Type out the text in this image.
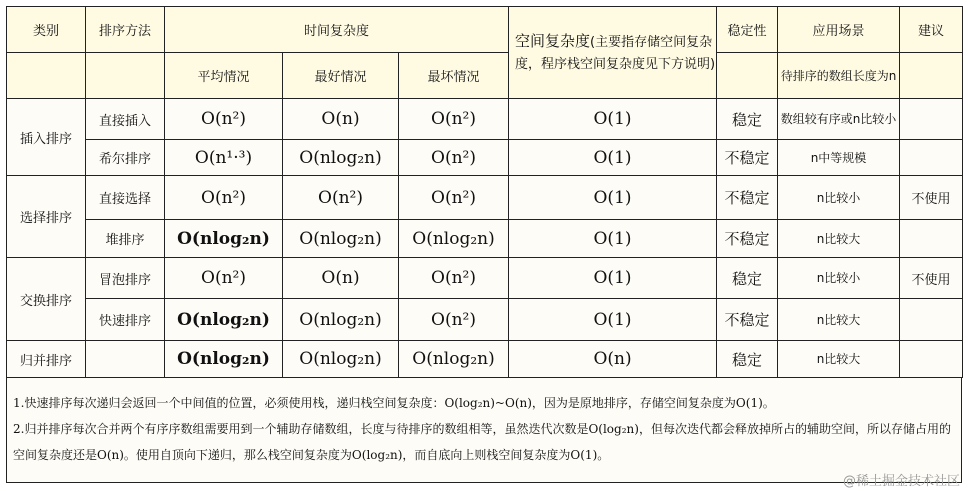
类别	排序方法	时间复杂度			空间复杂度(主要指存储空间复杂度，程序栈空间复杂度见下方说明)	稳定性	应用场景	建议
		平均情况	最好情况	最坏情况			待排序的数组长度为n	
插入排序	直接插入	O(n²)	O(n)	O(n²)	O(1)	稳定	数组较有序或n比较小	
	希尔排序	O(n¹·³)	O(nlog₂n)	O(n²)	O(1)	不稳定	n中等规模	
选择排序	直接选择	O(n²)	O(n²)	O(n²)	O(1)	不稳定	n比较小	不使用
	堆排序	O(nlog₂n)	O(nlog₂n)	O(nlog₂n)	O(1)	不稳定	n比较大	
交换排序	冒泡排序	O(n²)	O(n)	O(n²)	O(1)	稳定	n比较小	不使用
	快速排序	O(nlog₂n)	O(nlog₂n)	O(n²)	O(1)	不稳定	n比较大	
归并排序		O(nlog₂n)	O(nlog₂n)	O(nlog₂n)	O(n)	稳定	n比较大	

1.快速排序每次递归会返回一个中间值的位置，必须使用栈，递归栈空间复杂度：O(log₂n)~O(n)，因为是原地排序，存储空间复杂度为O(1)。

2.归并排序每次合并两个有序序数组需要用到一个辅助存储数组，长度与待排序的数组相等，虽然迭代次数是O(log₂n)，但每次迭代都会释放掉所占的辅助空间，所以存储占用的空间复杂度还是O(n)。使用自顶向下递归，那么栈空间复杂度为O(log₂n)，而自底向上则栈空间复杂度为O(1)。

@稀土掘金技术社区
